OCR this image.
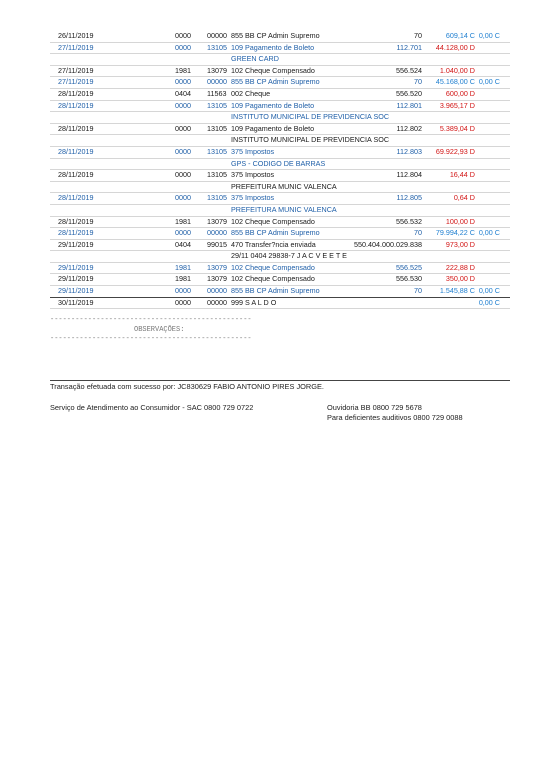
26/11/2019	0000 00000 855 BB CP Admin Supremo	70	609,14 C 0,00 C
27/11/2019	0000 13105 109 Pagamento de Boleto	112.701 44.128,00 D
GREEN CARD
27/11/2019	1981 13079 102 Cheque Compensado	556.524 1.040,00 D
27/11/2019	0000 00000 855 BB CP Admin Supremo	70 45.168,00 C 0,00 C
28/11/2019	0404 11563 002 Cheque	556.520	600,00 D
28/11/2019	0000 13105 109 Pagamento de Boleto	112.801 3.965,17 D
INSTITUTO MUNICIPAL DE PREVIDENCIA SOC
28/11/2019	0000 13105 109 Pagamento de Boleto	112.802 5.389,04 D
INSTITUTO MUNICIPAL DE PREVIDENCIA SOC
28/11/2019	0000 13105 375 Impostos	112.803 69.922,93 D
GPS - CODIGO DE BARRAS
28/11/2019	0000 13105 375 Impostos	112.804	16,44 D
PREFEITURA MUNIC VALENCA
28/11/2019	0000 13105 375 Impostos	112.805	0,64 D
PREFEITURA MUNIC VALENCA
28/11/2019	1981 13079 102 Cheque Compensado	556.532	100,00 D
28/11/2019	0000 00000 855 BB CP Admin Supremo	70 79.994,22 C 0,00 C
29/11/2019	0404 99015 470 Transfer?ncia enviada	550.404.000.029.838	973,00 D
29/11 0404 29838-7 J A C V E E T E
29/11/2019	1981 13079 102 Cheque Compensado	556.525	222,88 D
29/11/2019	1981 13079 102 Cheque Compensado	556.530	350,00 D
29/11/2019	0000 00000 855 BB CP Admin Supremo	70 1.545,88 C 0,00 C
30/11/2019	0000 00000 999 S A L D O	0,00 C
------------------------------------------------
OBSERVAÇÕES:
------------------------------------------------
Transação efetuada com sucesso por: JC830629 FABIO ANTONIO PIRES JORGE.
Serviço de Atendimento ao Consumidor - SAC 0800 729 0722	Ouvidoria BB 0800 729 5678
Para deficientes auditivos 0800 729 0088
